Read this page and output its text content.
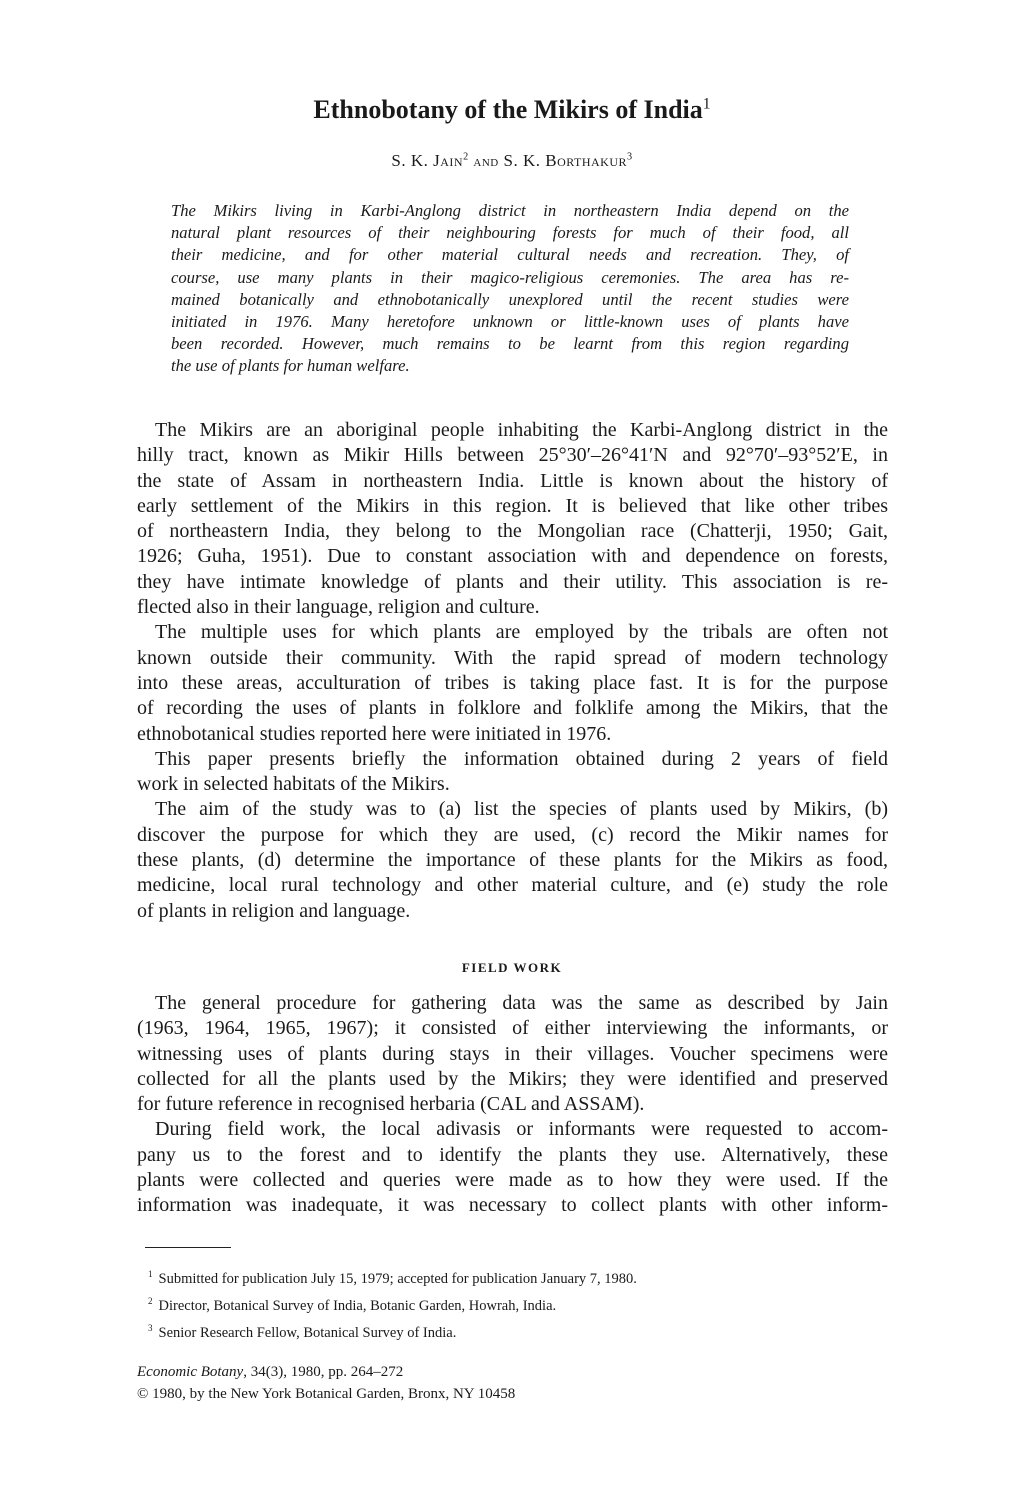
Ethnobotany of the Mikirs of India$^1$
S. K. Jain$^2$ and S. K. Borthakur$^3$

The Mikirs living in Karbi-Anglong district in northeastern India depend on the
natural plant resources of their neighbouring forests for much of their food, all
their medicine, and for other material cultural needs and recreation. They, of
course, use many plants in their magico-religious ceremonies. The area has re-
mained botanically and ethnobotanically unexplored until the recent studies were
initiated in 1976. Many heretofore unknown or little-known uses of plants have
been recorded. However, much remains to be learnt from this region regarding
the use of plants for human welfare.

The Mikirs are an aboriginal people inhabiting the Karbi-Anglong district in the
hilly tract, known as Mikir Hills between 25°30′–26°41′N and 92°70′–93°52′E, in
the state of Assam in northeastern India. Little is known about the history of
early settlement of the Mikirs in this region. It is believed that like other tribes
of northeastern India, they belong to the Mongolian race (Chatterji, 1950; Gait,
1926; Guha, 1951). Due to constant association with and dependence on forests,
they have intimate knowledge of plants and their utility. This association is re-
flected also in their language, religion and culture.
The multiple uses for which plants are employed by the tribals are often not
known outside their community. With the rapid spread of modern technology
into these areas, acculturation of tribes is taking place fast. It is for the purpose
of recording the uses of plants in folklore and folklife among the Mikirs, that the
ethnobotanical studies reported here were initiated in 1976.
This paper presents briefly the information obtained during 2 years of field
work in selected habitats of the Mikirs.
The aim of the study was to (a) list the species of plants used by Mikirs, (b)
discover the purpose for which they are used, (c) record the Mikir names for
these plants, (d) determine the importance of these plants for the Mikirs as food,
medicine, local rural technology and other material culture, and (e) study the role
of plants in religion and language.
FIELD WORK
The general procedure for gathering data was the same as described by Jain
(1963, 1964, 1965, 1967); it consisted of either interviewing the informants, or
witnessing uses of plants during stays in their villages. Voucher specimens were
collected for all the plants used by the Mikirs; they were identified and preserved
for future reference in recognised herbaria (CAL and ASSAM).
During field work, the local adivasis or informants were requested to accom-
pany us to the forest and to identify the plants they use. Alternatively, these
plants were collected and queries were made as to how they were used. If the
information was inadequate, it was necessary to collect plants with other inform-
$^1$ Submitted for publication July 15, 1979; accepted for publication January 7, 1980.
$^2$ Director, Botanical Survey of India, Botanic Garden, Howrah, India.
$^3$ Senior Research Fellow, Botanical Survey of India.
Economic Botany, 34(3), 1980, pp. 264–272
© 1980, by the New York Botanical Garden, Bronx, NY 10458
